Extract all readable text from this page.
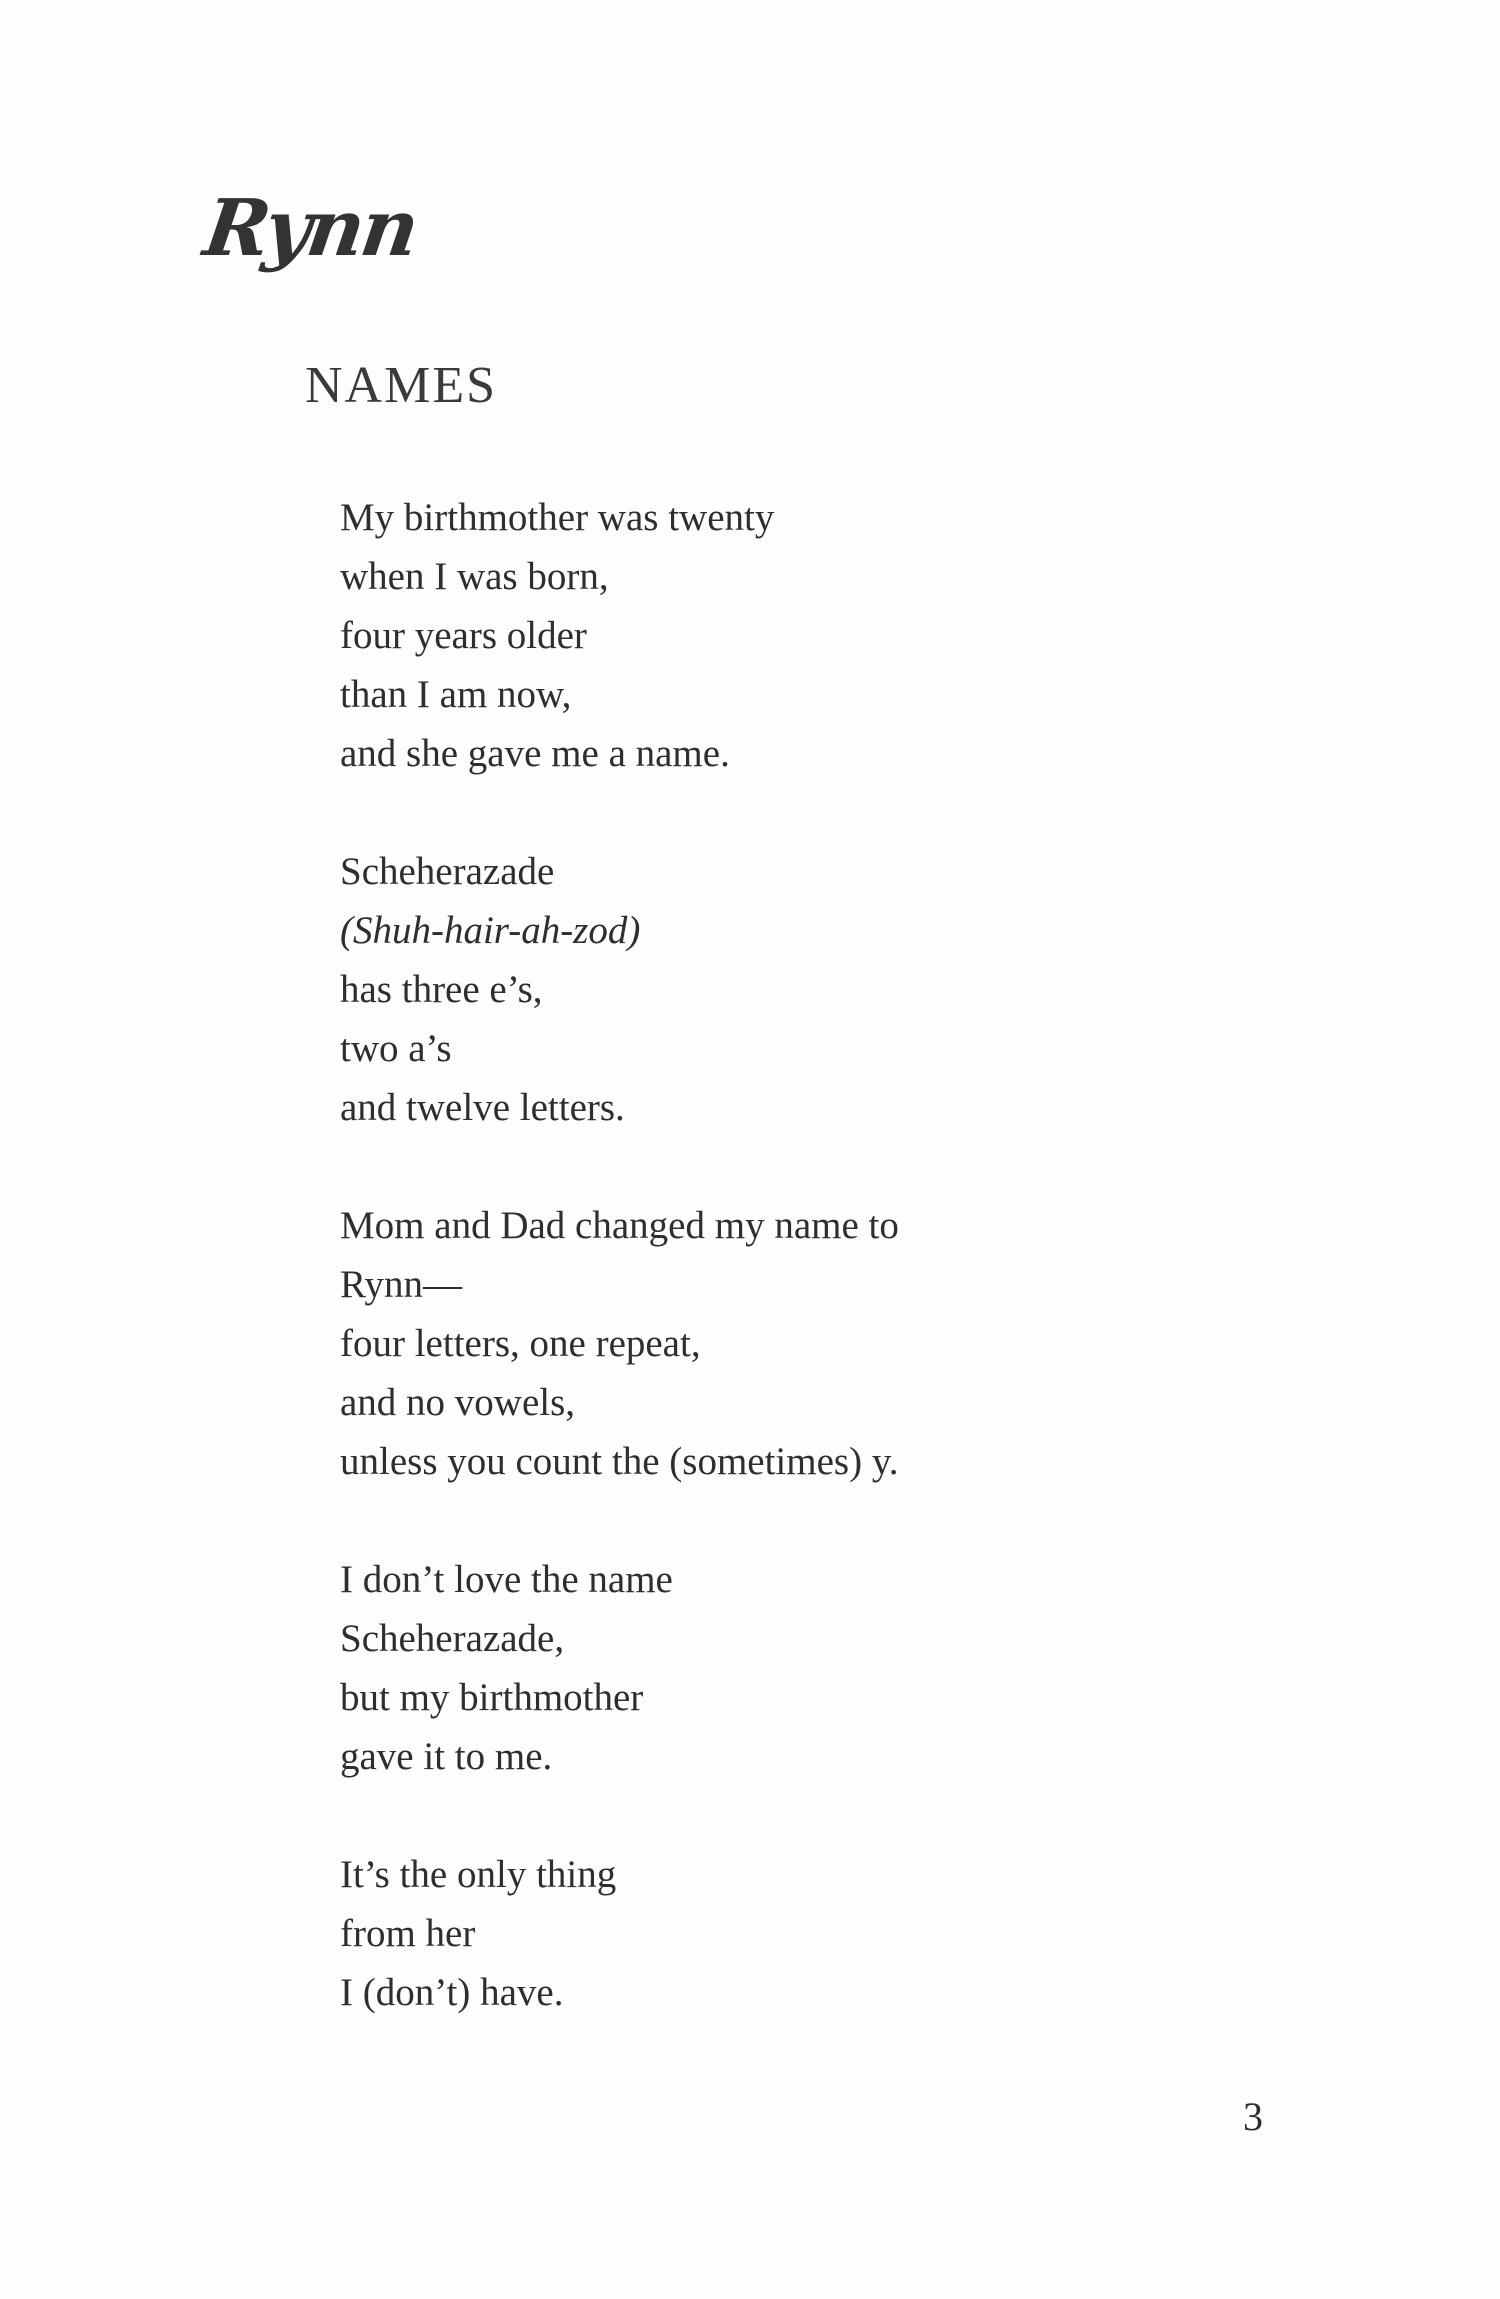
Rynn
NAMES
My birthmother was twenty
when I was born,
four years older
than I am now,
and she gave me a name.
Scheherazade
(Shuh-hair-ah-zod)
has three e’s,
two a’s
and twelve letters.
Mom and Dad changed my name to
Rynn—
four letters, one repeat,
and no vowels,
unless you count the (sometimes) y.
I don’t love the name
Scheherazade,
but my birthmother
gave it to me.
It’s the only thing
from her
I (don’t) have.
3
